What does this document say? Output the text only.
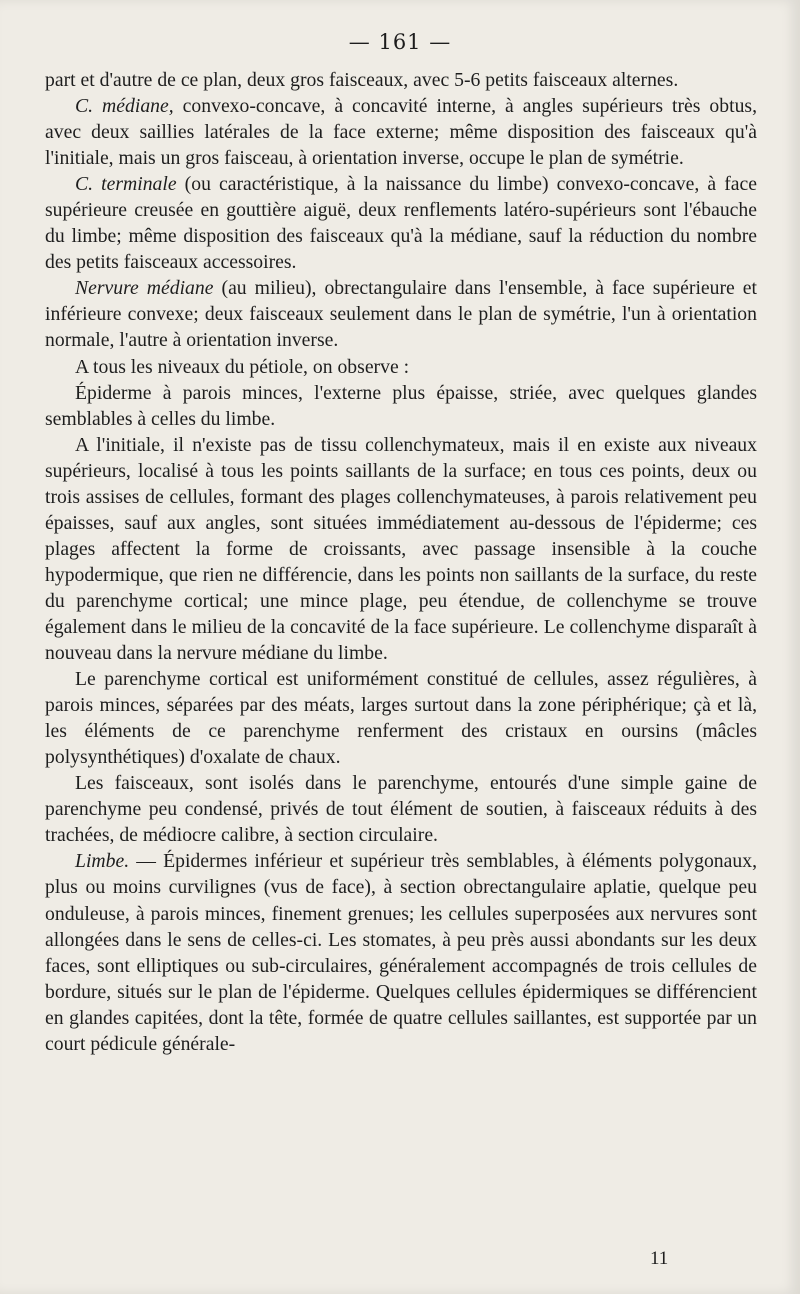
— 161 —

part et d'autre de ce plan, deux gros faisceaux, avec 5-6 petits faisceaux alternes.

C. médiane, convexo-concave, à concavité interne, à angles supérieurs très obtus, avec deux saillies latérales de la face externe; même disposition des faisceaux qu'à l'initiale, mais un gros faisceau, à orientation inverse, occupe le plan de symétrie.

C. terminale (ou caractéristique, à la naissance du limbe) convexo-concave, à face supérieure creusée en gouttière aiguë, deux renflements latéro-supérieurs sont l'ébauche du limbe; même disposition des faisceaux qu'à la médiane, sauf la réduction du nombre des petits faisceaux accessoires.

Nervure médiane (au milieu), obrectangulaire dans l'ensemble, à face supérieure et inférieure convexe; deux faisceaux seulement dans le plan de symétrie, l'un à orientation normale, l'autre à orientation inverse.

A tous les niveaux du pétiole, on observe :

Épiderme à parois minces, l'externe plus épaisse, striée, avec quelques glandes semblables à celles du limbe.

A l'initiale, il n'existe pas de tissu collenchymateux, mais il en existe aux niveaux supérieurs, localisé à tous les points saillants de la surface; en tous ces points, deux ou trois assises de cellules, formant des plages collenchymateuses, à parois relativement peu épaisses, sauf aux angles, sont situées immédiatement au-dessous de l'épiderme; ces plages affectent la forme de croissants, avec passage insensible à la couche hypodermique, que rien ne différencie, dans les points non saillants de la surface, du reste du parenchyme cortical; une mince plage, peu étendue, de collenchyme se trouve également dans le milieu de la concavité de la face supérieure. Le collenchyme disparaît à nouveau dans la nervure médiane du limbe.

Le parenchyme cortical est uniformément constitué de cellules, assez régulières, à parois minces, séparées par des méats, larges surtout dans la zone périphérique; çà et là, les éléments de ce parenchyme renferment des cristaux en oursins (mâcles polysynthétiques) d'oxalate de chaux.

Les faisceaux, sont isolés dans le parenchyme, entourés d'une simple gaine de parenchyme peu condensé, privés de tout élément de soutien, à faisceaux réduits à des trachées, de médiocre calibre, à section circulaire.

Limbe. — Épidermes inférieur et supérieur très semblables, à éléments polygonaux, plus ou moins curvilignes (vus de face), à section obrectangulaire aplatie, quelque peu onduleuse, à parois minces, finement grenues; les cellules superposées aux nervures sont allongées dans le sens de celles-ci. Les stomates, à peu près aussi abondants sur les deux faces, sont elliptiques ou sub-circulaires, généralement accompagnés de trois cellules de bordure, situés sur le plan de l'épiderme. Quelques cellules épidermiques se différencient en glandes capitées, dont la tête, formée de quatre cellules saillantes, est supportée par un court pédicule générale-

11
